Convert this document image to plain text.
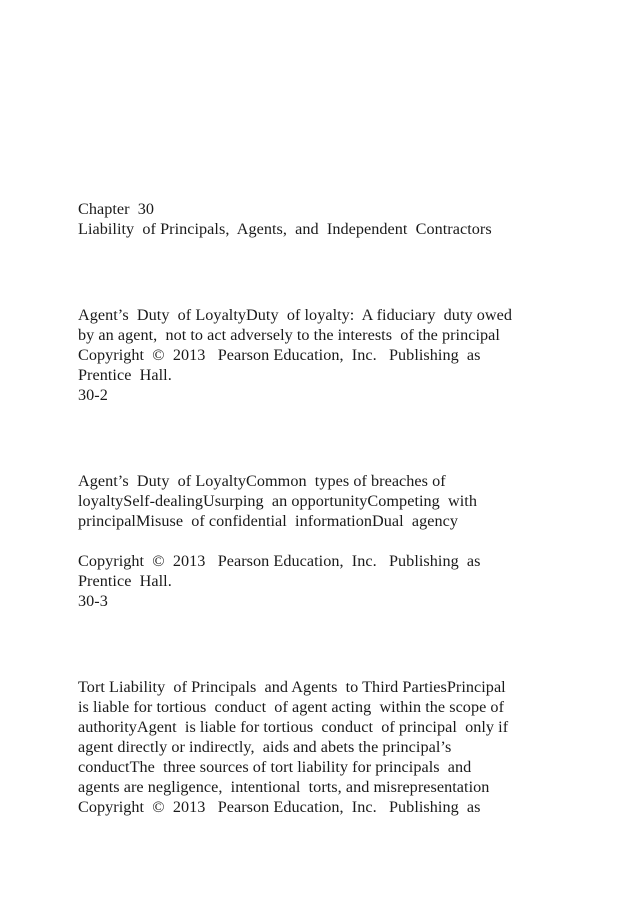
Chapter  30

Liability  of Principals,  Agents,  and  Independent  Contractors

Agent’s  Duty  of LoyaltyDuty  of loyalty:  A fiduciary  duty owed

by an agent,  not to act adversely to the interests  of the principal

Copyright  ©  2013   Pearson Education,  Inc.   Publishing  as

Prentice  Hall.

30-2

Agent’s  Duty  of LoyaltyCommon  types of breaches of

loyaltySelf-dealingUsurping  an opportunityCompeting  with

principalMisuse  of confidential  informationDual  agency

Copyright  ©  2013   Pearson Education,  Inc.   Publishing  as

Prentice  Hall.

30-3

Tort Liability  of Principals  and Agents  to Third PartiesPrincipal

is liable for tortious  conduct  of agent acting  within the scope of

authorityAgent  is liable for tortious  conduct  of principal  only if

agent directly or indirectly,  aids and abets the principal’s

conductThe  three sources of tort liability for principals  and

agents are negligence,  intentional  torts, and misrepresentation

Copyright  ©  2013   Pearson Education,  Inc.   Publishing  as
